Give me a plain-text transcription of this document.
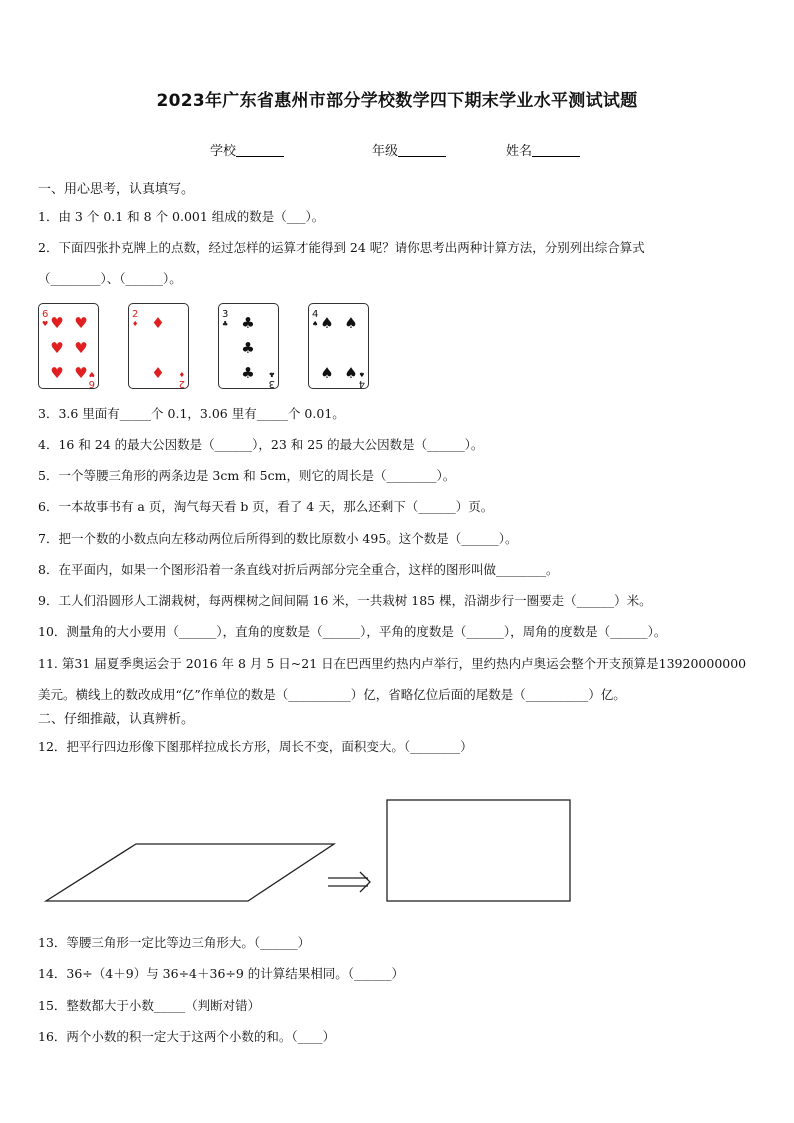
2023年广东省惠州市部分学校数学四下期末学业水平测试试题
学校	年级	姓名
一、用心思考，认真填写。
1．由 3 个 0.1 和 8 个 0.001 组成的数是（___）。
2．下面四张扑克牌上的点数，经过怎样的运算才能得到 24 呢？请你思考出两种计算方法，分别列出综合算式
（________）、（______）。
6
♥ ♥ ♥
♥ ♥
♥ ♥
6
♥
2
♦ ♦
♦
2
♦
3
♣ ♣
♣
♣
3
♣
4
♠ ♠ ♠
♠ ♠
4
♠
3．3.6 里面有_____个 0.1，3.06 里有_____个 0.01。
4．16 和 24 的最大公因数是（______），23 和 25 的最大公因数是（______）。
5．一个等腰三角形的两条边是 3cm 和 5cm，则它的周长是（________）。
6．一本故事书有 a 页，淘气每天看 b 页，看了 4 天，那么还剩下（______）页。
7．把一个数的小数点向左移动两位后所得到的数比原数小 495。这个数是（______）。
8．在平面内，如果一个图形沿着一条直线对折后两部分完全重合，这样的图形叫做________。
9．工人们沿圆形人工湖栽树，每两棵树之间间隔 16 米，一共栽树 185 棵，沿湖步行一圈要走（______）米。
10．测量角的大小要用（______），直角的度数是（______），平角的度数是（______），周角的度数是（______）。
11. 第31 届夏季奥运会于 2016 年 8 月 5 日~21 日在巴西里约热内卢举行，里约热内卢奥运会整个开支预算是13920000000
美元。横线上的数改成用“亿”作单位的数是（__________）亿，省略亿位后面的尾数是（__________）亿。
二、仔细推敲，认真辨析。
12．把平行四边形像下图那样拉成长方形，周长不变，面积变大。（________）
13．等腰三角形一定比等边三角形大。（______）
14．36÷（4＋9）与 36÷4＋36÷9 的计算结果相同。（______）
15．整数都大于小数_____（判断对错）
16．两个小数的积一定大于这两个小数的和。（____）
